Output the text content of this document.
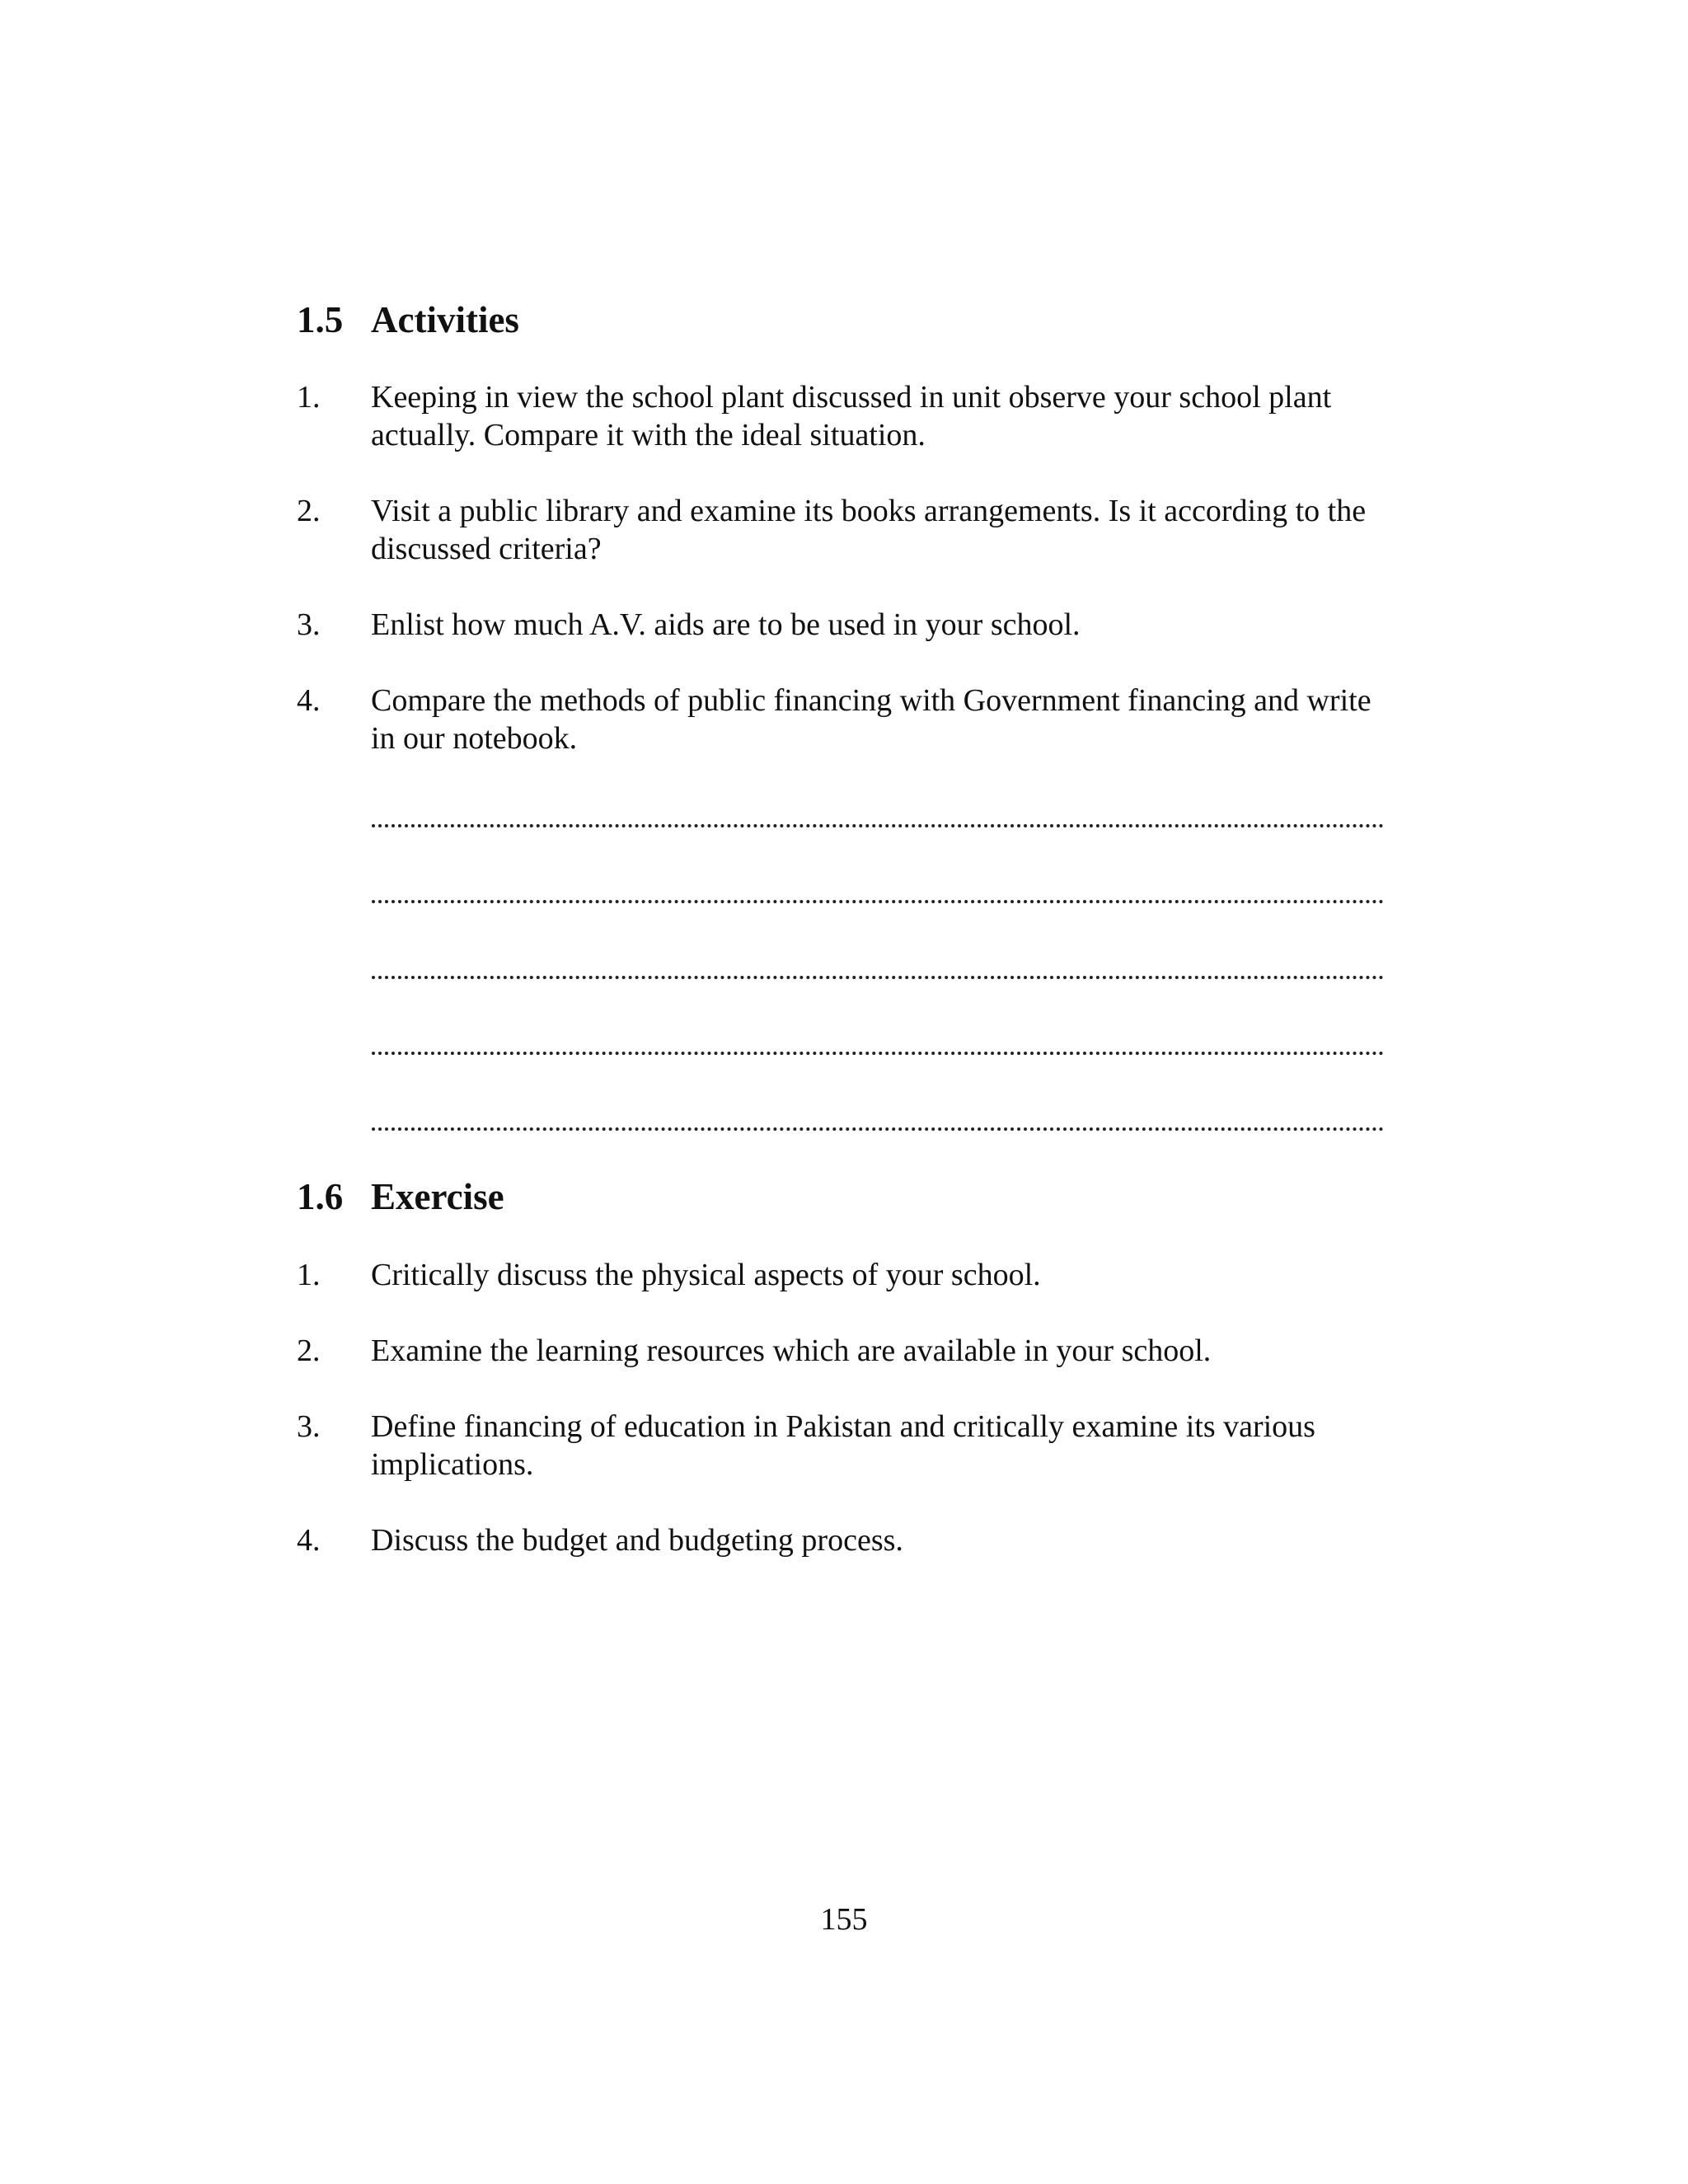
1.5 Activities
1. Keeping in view the school plant discussed in unit observe your school plant actually. Compare it with the ideal situation.
2. Visit a public library and examine its books arrangements. Is it according to the discussed criteria?
3. Enlist how much A.V. aids are to be used in your school.
4. Compare the methods of public financing with Government financing and write in our notebook.
1.6 Exercise
1. Critically discuss the physical aspects of your school.
2. Examine the learning resources which are available in your school.
3. Define financing of education in Pakistan and critically examine its various implications.
4. Discuss the budget and budgeting process.
155
